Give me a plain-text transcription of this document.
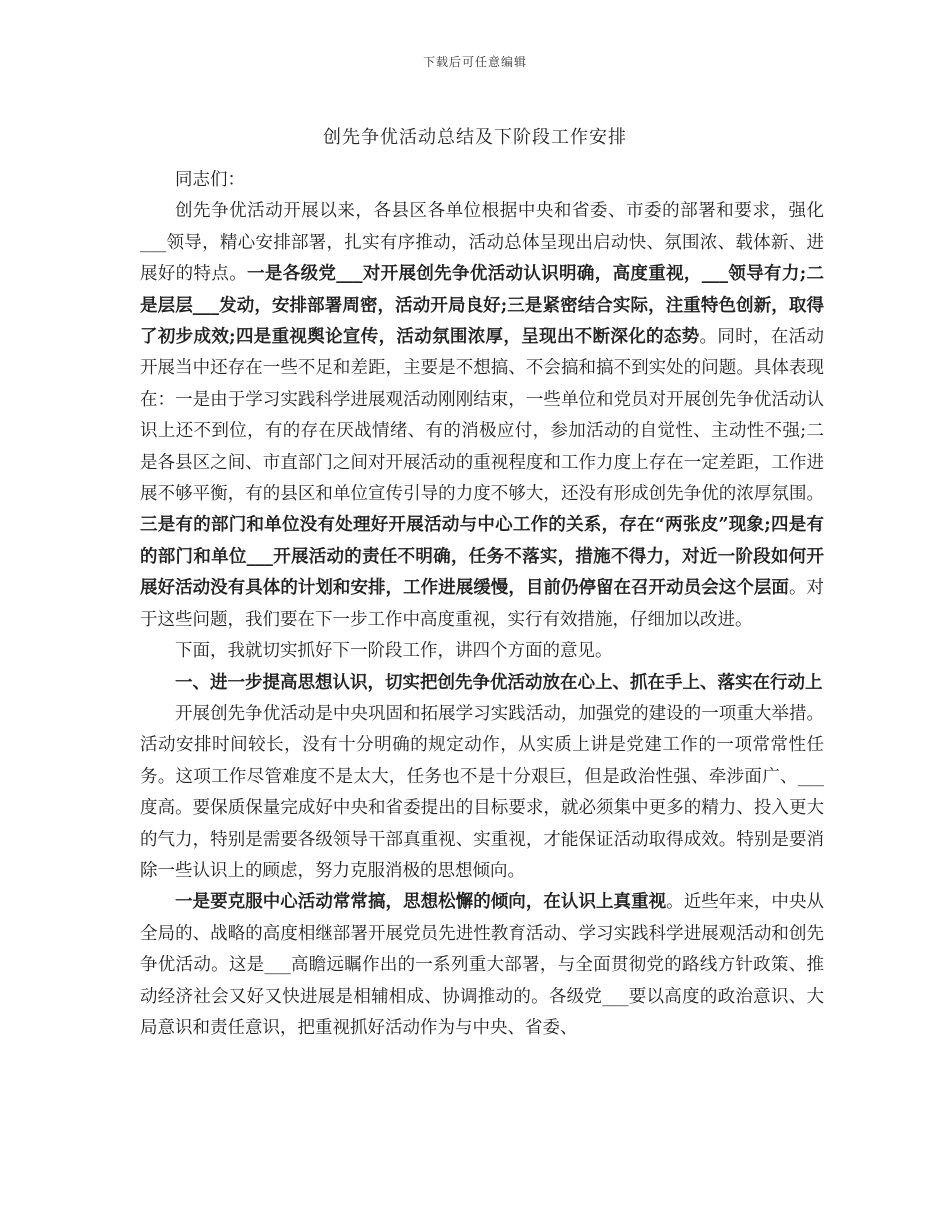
下载后可任意编辑
创先争优活动总结及下阶段工作安排

同志们：

创先争优活动开展以来，各县区各单位根据中央和省委、市委的部署和要求，强化___领导，精心安排部署，扎实有序推动，活动总体呈现出启动快、氛围浓、载体新、进展好的特点。一是各级党___对开展创先争优活动认识明确，高度重视，___领导有力;二是层层___发动，安排部署周密，活动开局良好;三是紧密结合实际，注重特色创新，取得了初步成效;四是重视舆论宣传，活动氛围浓厚，呈现出不断深化的态势。同时，在活动开展当中还存在一些不足和差距，主要是不想搞、不会搞和搞不到实处的问题。具体表现在：一是由于学习实践科学进展观活动刚刚结束，一些单位和党员对开展创先争优活动认识上还不到位，有的存在厌战情绪、有的消极应付，参加活动的自觉性、主动性不强;二是各县区之间、市直部门之间对开展活动的重视程度和工作力度上存在一定差距，工作进展不够平衡，有的县区和单位宣传引导的力度不够大，还没有形成创先争优的浓厚氛围。三是有的部门和单位没有处理好开展活动与中心工作的关系，存在“两张皮”现象;四是有的部门和单位___开展活动的责任不明确，任务不落实，措施不得力，对近一阶段如何开展好活动没有具体的计划和安排，工作进展缓慢，目前仍停留在召开动员会这个层面。对于这些问题，我们要在下一步工作中高度重视，实行有效措施，仔细加以改进。

下面，我就切实抓好下一阶段工作，讲四个方面的意见。

一、进一步提高思想认识，切实把创先争优活动放在心上、抓在手上、落实在行动上

开展创先争优活动是中央巩固和拓展学习实践活动，加强党的建设的一项重大举措。活动安排时间较长，没有十分明确的规定动作，从实质上讲是党建工作的一项常常性任务。这项工作尽管难度不是太大，任务也不是十分艰巨，但是政治性强、牵涉面广、___度高。要保质保量完成好中央和省委提出的目标要求，就必须集中更多的精力、投入更大的气力，特别是需要各级领导干部真重视、实重视，才能保证活动取得成效。特别是要消除一些认识上的顾虑，努力克服消极的思想倾向。

一是要克服中心活动常常搞，思想松懈的倾向，在认识上真重视。近些年来，中央从全局的、战略的高度相继部署开展党员先进性教育活动、学习实践科学进展观活动和创先争优活动。这是___高瞻远瞩作出的一系列重大部署，与全面贯彻党的路线方针政策、推动经济社会又好又快进展是相辅相成、协调推动的。各级党___要以高度的政治意识、大局意识和责任意识，把重视抓好活动作为与中央、省委、
